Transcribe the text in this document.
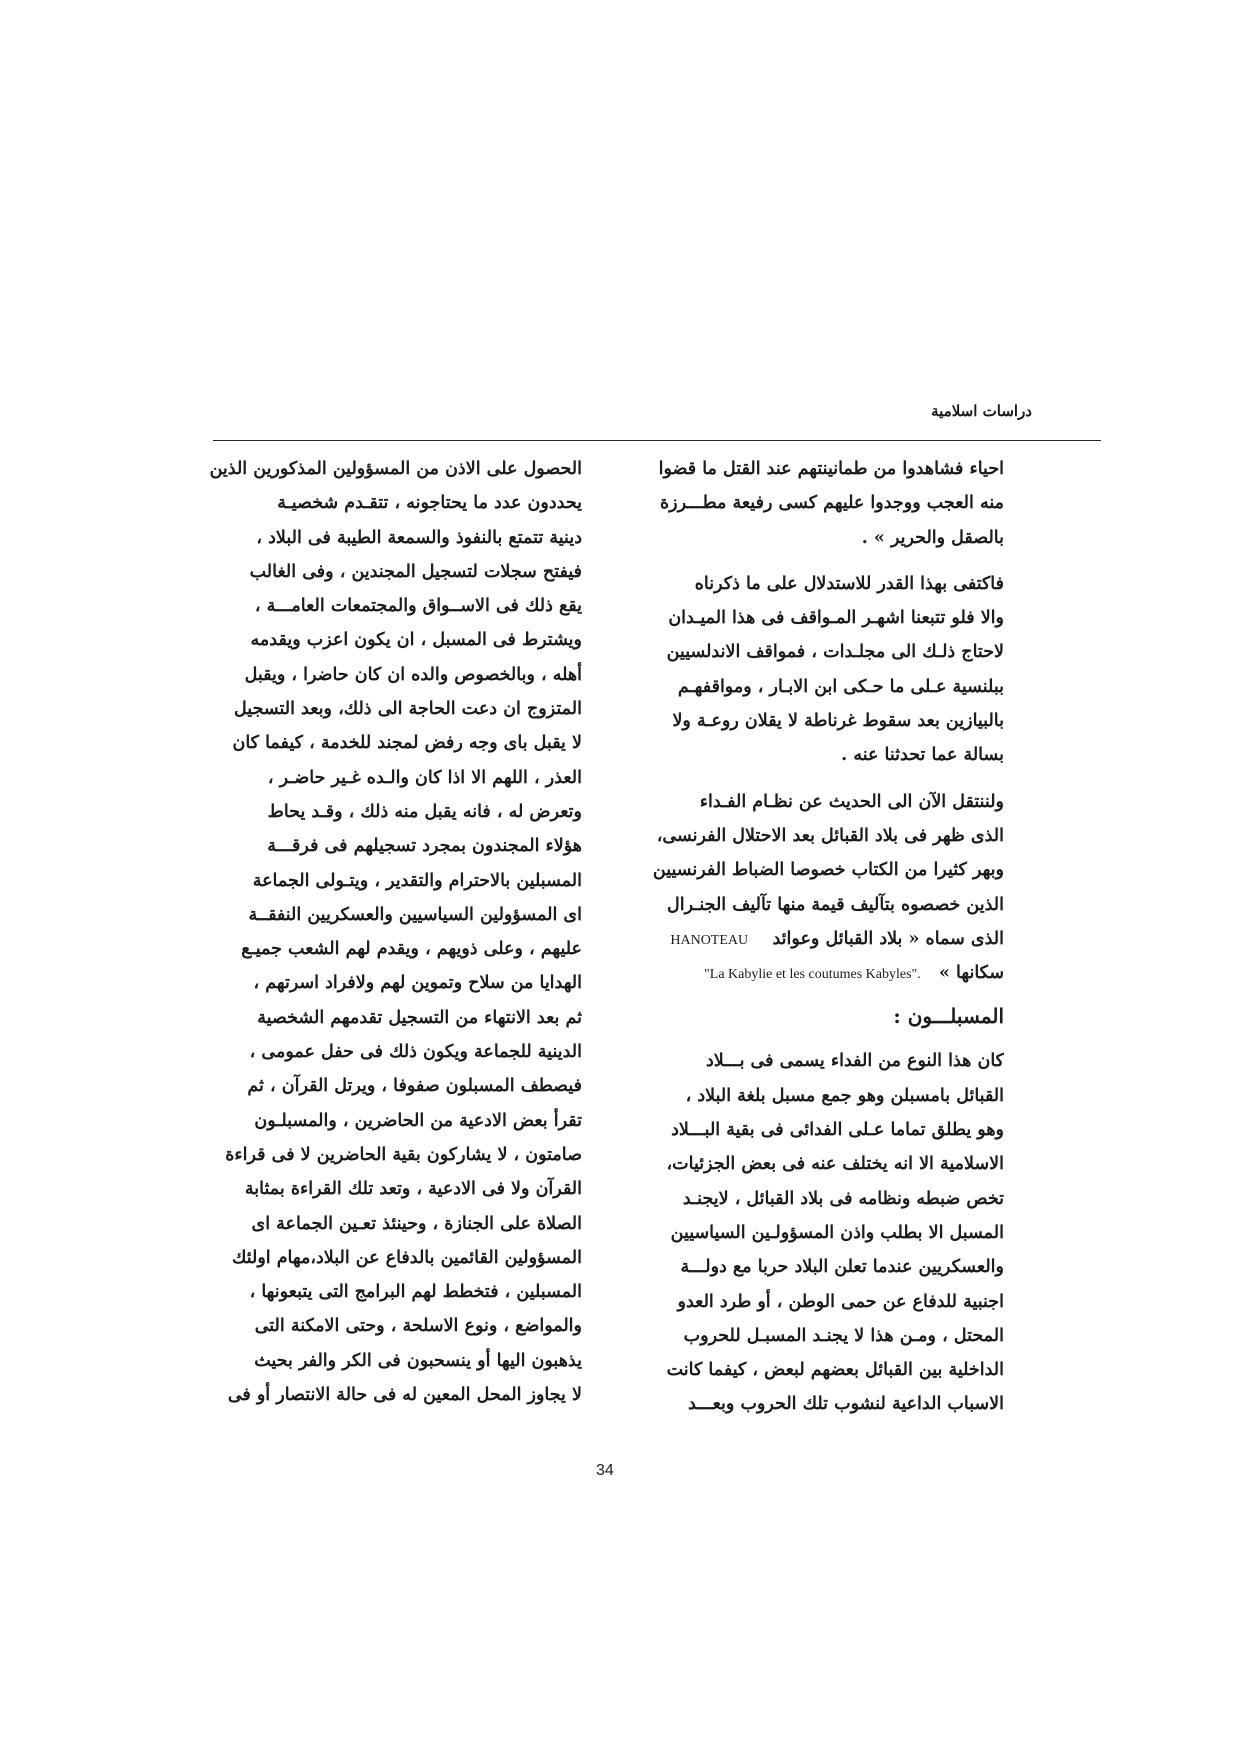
دراسات اسلامية
احياء فشاهدوا من طمانينتهم عند القتل ما قضوا
منه العجب ووجدوا عليهم كسى رفيعة مطـــرزة
بالصقل والحرير » .
فاكتفى بهذا القدر للاستدلال على ما ذكرناه
والا فلو تتبعنا اشهـر المـواقف فى هذا الميـدان
لاحتاج ذلـك الى مجلـدات ، فمواقف الاندلسيين
ببلنسية عـلى ما حـكى ابن الابـار ، ومواقفهـم
بالبيازين بعد سقوط غرناطة لا يقلان روعـة ولا
بسالة عما تحدثنا عنه .
ولننتقل الآن الى الحديث عن نظـام الفـداء
الذى ظهر فى بلاد القبائل بعد الاحتلال الفرنسى،
وبهر كثيرا من الكتاب خصوصا الضباط الفرنسيين
الذين خصصوه بتآليف قيمة منها تآليف الجنـرال
الذى سماه « بلاد القبائل وعوائد    HANOTEAU
سكانها »   "La Kabylie et les coutumes Kabyles".
المسبلـــون :
كان هذا النوع من الفداء يسمى فى بـــلاد
القبائل بامسبلن وهو جمع مسبل بلغة البلاد ،
وهو يطلق تماما عـلى الفدائى فى بقية البـــلاد
الاسلامية الا انه يختلف عنه فى بعض الجزئيات،
تخص ضبطه ونظامه فى بلاد القبائل ، لايجنـد
المسبل الا بطلب واذن المسؤولـين السياسيين
والعسكريين عندما تعلن البلاد حربا مع دولـــة
اجنبية للدفاع عن حمى الوطن ، أو طرد العدو
المحتل ، ومـن هذا لا يجنـد المسبـل للحروب
الداخلية بين القبائل بعضهم لبعض ، كيفما كانت
الاسباب الداعية لنشوب تلك الحروب وبعـــد
الحصول على الاذن من المسؤولين المذكورين الذين
يحددون عدد ما يحتاجونه ، تتقـدم شخصيـة
دينية تتمتع بالنفوذ والسمعة الطيبة فى البلاد ،
فيفتح سجلات لتسجيل المجندين ، وفى الغالب
يقع ذلك فى الاســواق والمجتمعات العامـــة ،
ويشترط فى المسبل ، ان يكون اعزب ويقدمه
أهله ، وبالخصوص والده ان كان حاضرا ، ويقبل
المتزوج ان دعت الحاجة الى ذلك، وبعد التسجيل
لا يقبل باى وجه رفض لمجند للخدمة ، كيفما كان
العذر ، اللهم الا اذا كان والـده غـير حاضـر ،
وتعرض له ، فانه يقبل منه ذلك ، وقـد يحاط
هؤلاء المجندون بمجرد تسجيلهم فى فرقـــة
المسبلين بالاحترام والتقدير ، ويتـولى الجماعة
اى المسؤولين السياسيين والعسكريين النفقــة
عليهم ، وعلى ذويهم ، ويقدم لهم الشعب جميـع
الهدايا من سلاح وتموين لهم ولافراد اسرتهم ،
ثم بعد الانتهاء من التسجيل تقدمهم الشخصية
الدينية للجماعة ويكون ذلك فى حفل عمومى ،
فيصطف المسبلون صفوفا ، ويرتل القرآن ، ثم
تقرأ بعض الادعية من الحاضرين ، والمسبلـون
صامتون ، لا يشاركون بقية الحاضرين لا فى قراءة
القرآن ولا فى الادعية ، وتعد تلك القراءة بمثابة
الصلاة على الجنازة ، وحينئذ تعـين الجماعة اى
المسؤولين القائمين بالدفاع عن البلاد،مهام اولئك
المسبلين ، فتخطط لهم البرامج التى يتبعونها ،
والمواضع ، ونوع الاسلحة ، وحتى الامكنة التى
يذهبون اليها أو ينسحبون فى الكر والفر بحيث
لا يجاوز المحل المعين له فى حالة الانتصار أو فى
34
